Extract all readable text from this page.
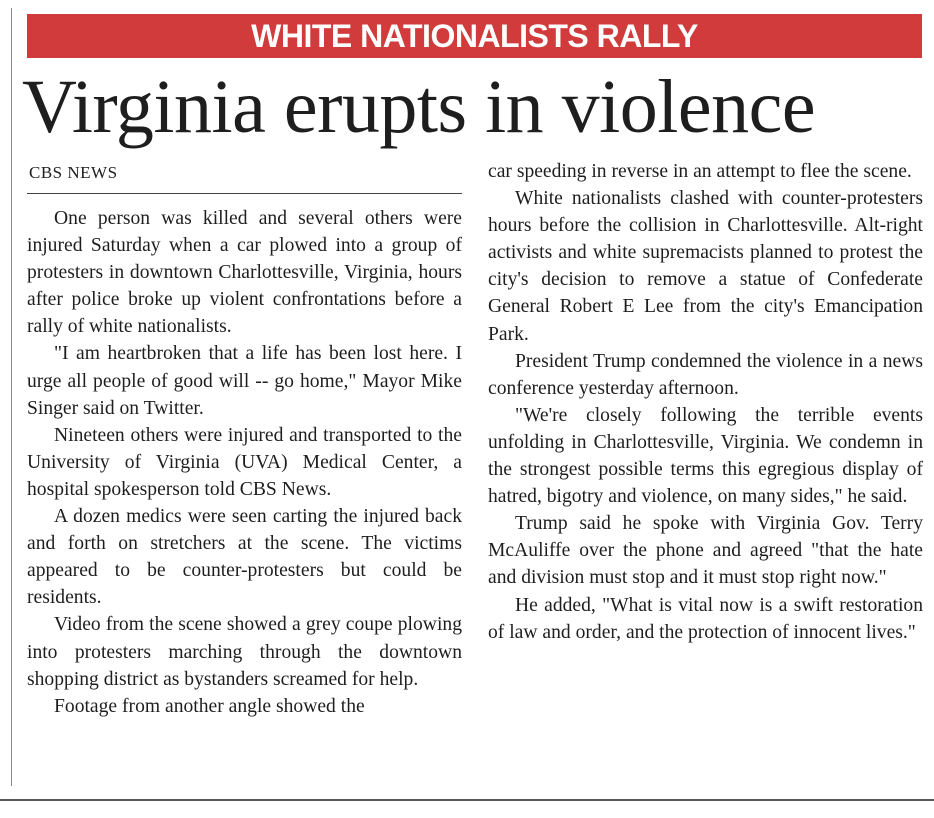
WHITE NATIONALISTS RALLY
Virginia erupts in violence
CBS NEWS

One person was killed and several others were injured Saturday when a car plowed into a group of protesters in downtown Charlottesville, Virginia, hours after police broke up violent confrontations before a rally of white nationalists.

"I am heartbroken that a life has been lost here. I urge all people of good will -- go home," Mayor Mike Singer said on Twitter.

Nineteen others were injured and transported to the University of Virginia (UVA) Medical Center, a hospital spokesperson told CBS News.

A dozen medics were seen carting the injured back and forth on stretchers at the scene. The victims appeared to be counter-protesters but could be residents.

Video from the scene showed a grey coupe plowing into protesters marching through the downtown shopping district as bystanders screamed for help.

Footage from another angle showed the

car speeding in reverse in an attempt to flee the scene.

White nationalists clashed with counter-protesters hours before the collision in Charlottesville. Alt-right activists and white supremacists planned to protest the city's decision to remove a statue of Confederate General Robert E Lee from the city's Emancipation Park.

President Trump condemned the violence in a news conference yesterday afternoon.

"We're closely following the terrible events unfolding in Charlottesville, Virginia. We condemn in the strongest possible terms this egregious display of hatred, bigotry and violence, on many sides," he said.

Trump said he spoke with Virginia Gov. Terry McAuliffe over the phone and agreed "that the hate and division must stop and it must stop right now."

He added, "What is vital now is a swift restoration of law and order, and the protection of innocent lives."
